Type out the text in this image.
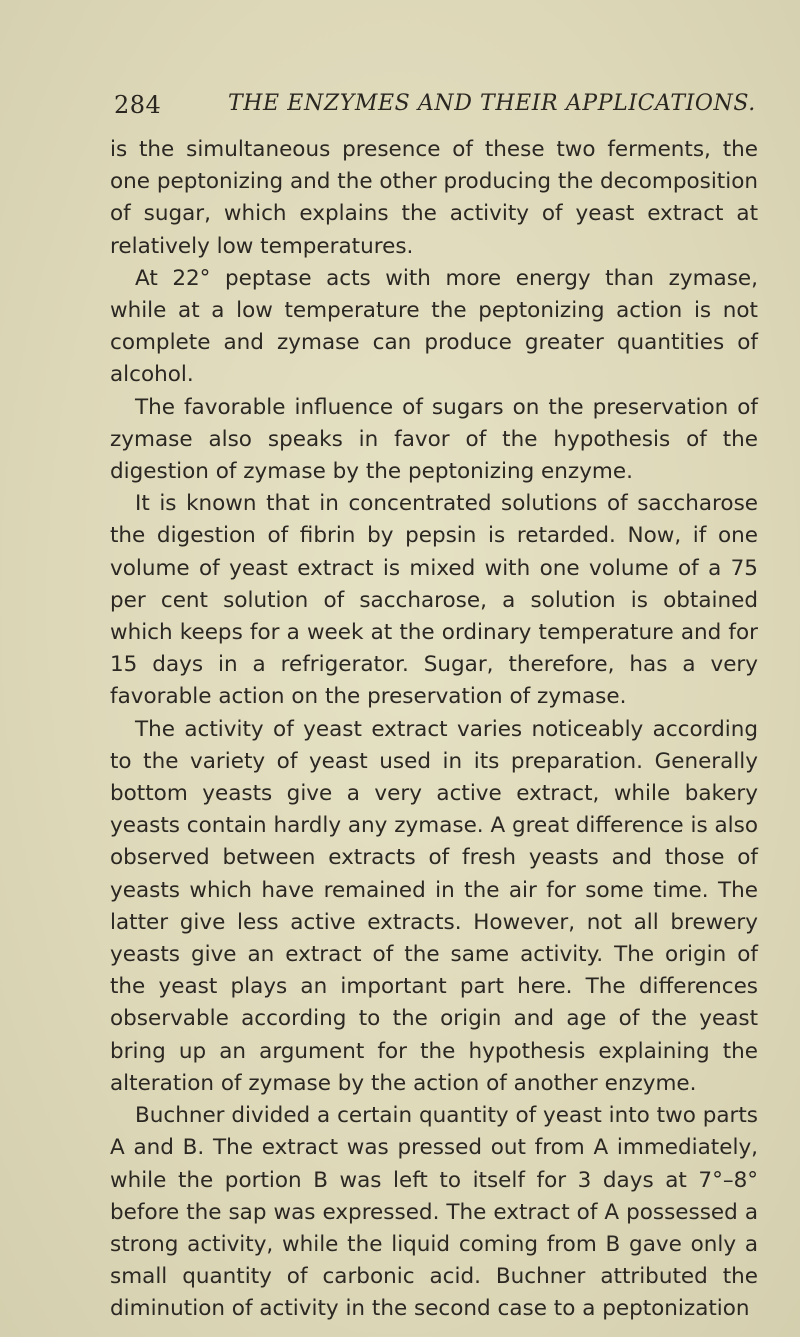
284	THE ENZYMES AND THEIR APPLICATIONS.

is the simultaneous presence of these two ferments, the one peptonizing and the other producing the decomposition of sugar, which explains the activity of yeast extract at relatively low temperatures.

At 22° peptase acts with more energy than zymase, while at a low temperature the peptonizing action is not complete and zymase can produce greater quantities of alcohol.

The favorable influence of sugars on the preservation of zymase also speaks in favor of the hypothesis of the digestion of zymase by the peptonizing enzyme.

It is known that in concentrated solutions of saccharose the digestion of fibrin by pepsin is retarded. Now, if one volume of yeast extract is mixed with one volume of a 75 per cent solution of saccharose, a solution is obtained which keeps for a week at the ordinary temperature and for 15 days in a refrigerator. Sugar, therefore, has a very favorable action on the preservation of zymase.

The activity of yeast extract varies noticeably according to the variety of yeast used in its preparation. Generally bottom yeasts give a very active extract, while bakery yeasts contain hardly any zymase. A great difference is also observed between extracts of fresh yeasts and those of yeasts which have remained in the air for some time. The latter give less active extracts. However, not all brewery yeasts give an extract of the same activity. The origin of the yeast plays an important part here. The differences observable according to the origin and age of the yeast bring up an argument for the hypothesis explaining the alteration of zymase by the action of another enzyme.

Buchner divided a certain quantity of yeast into two parts A and B. The extract was pressed out from A immediately, while the portion B was left to itself for 3 days at 7°–8° before the sap was expressed. The extract of A possessed a strong activity, while the liquid coming from B gave only a small quantity of carbonic acid. Buchner attributed the diminution of activity in the second case to a peptonization
